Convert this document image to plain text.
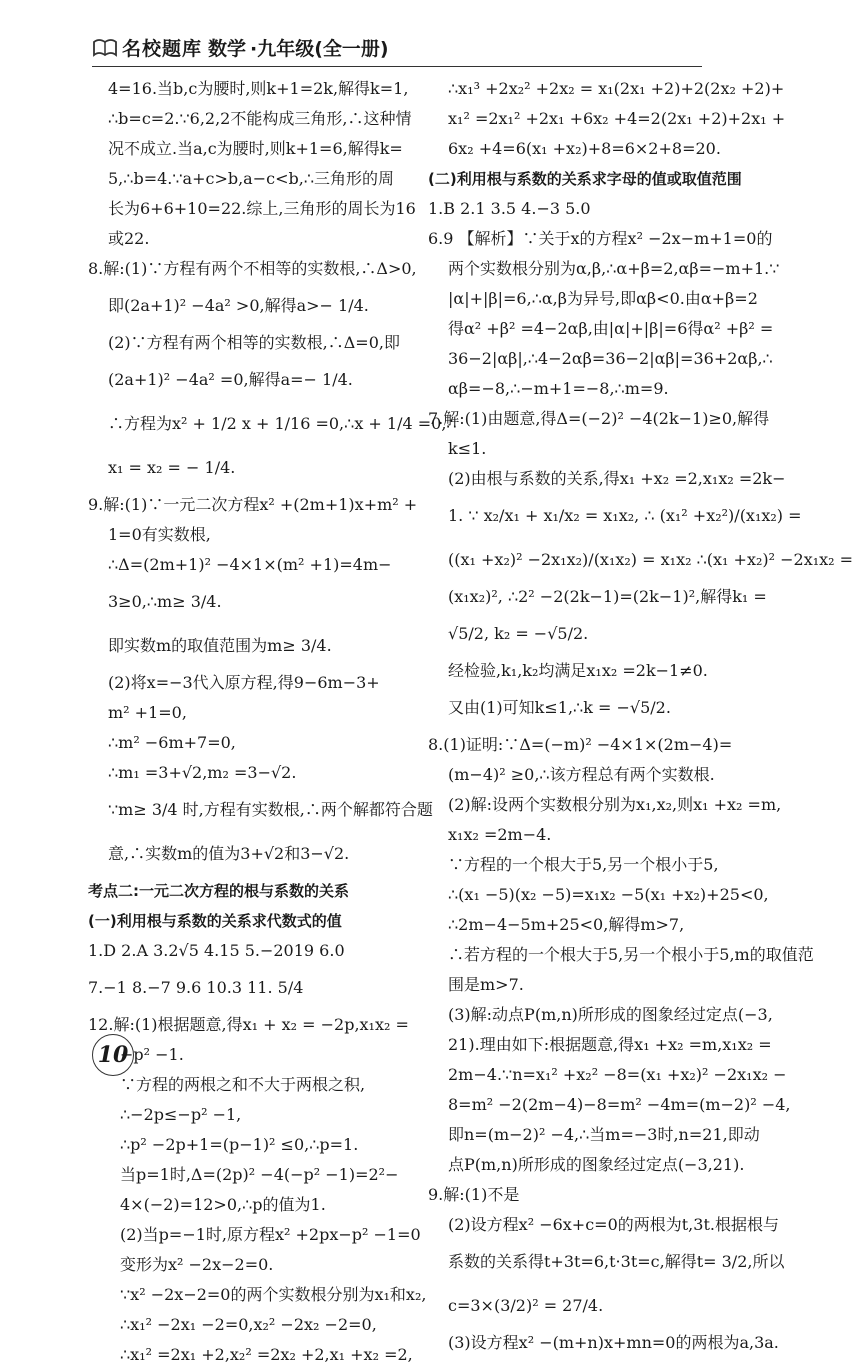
名校题库 数学 ·九年级(全一册)
4=16.当b,c为腰时,则k+1=2k,解得k=1,
∴b=c=2.∵6,2,2不能构成三角形,∴这种情
况不成立.当a,c为腰时,则k+1=6,解得k=
5,∴b=4.∵a+c>b,a−c<b,∴三角形的周
长为6+6+10=22.综上,三角形的周长为16
或22.
8.解:(1)∵方程有两个不相等的实数根,∴Δ>0,
即(2a+1)² −4a² >0,解得a>− 1/4.
(2)∵方程有两个相等的实数根,∴Δ=0,即
(2a+1)² −4a² =0,解得a=− 1/4.
∴方程为x² + 1/2 x + 1/16 =0,∴x + 1/4 =0,∴
x₁ = x₂ = − 1/4.
9.解:(1)∵一元二次方程x² +(2m+1)x+m² +
1=0有实数根,
∴Δ=(2m+1)² −4×1×(m² +1)=4m−
3≥0,∴m≥ 3/4.
即实数m的取值范围为m≥ 3/4.
(2)将x=−3代入原方程,得9−6m−3+
m² +1=0,
∴m² −6m+7=0,
∴m₁ =3+√2,m₂ =3−√2.
∵m≥ 3/4 时,方程有实数根,∴两个解都符合题
意,∴实数m的值为3+√2和3−√2.
考点二:一元二次方程的根与系数的关系
(一)利用根与系数的关系求代数式的值
1.D 2.A 3.2√5 4.15 5.−2019 6.0
7.−1 8.−7 9.6 10.3 11. 5/4
12.解:(1)根据题意,得x₁ + x₂ = −2p,x₁x₂ =
−p² −1.
∵方程的两根之和不大于两根之积,
∴−2p≤−p² −1,
∴p² −2p+1=(p−1)² ≤0,∴p=1.
当p=1时,Δ=(2p)² −4(−p² −1)=2²−
4×(−2)=12>0,∴p的值为1.
(2)当p=−1时,原方程x² +2px−p² −1=0
变形为x² −2x−2=0.
∵x² −2x−2=0的两个实数根分别为x₁和x₂,
∴x₁² −2x₁ −2=0,x₂² −2x₂ −2=0,
∴x₁² =2x₁ +2,x₂² =2x₂ +2,x₁ +x₂ =2,
∴x₁³ +2x₂² +2x₂ = x₁(2x₁ +2)+2(2x₂ +2)+
x₁² =2x₁² +2x₁ +6x₂ +4=2(2x₁ +2)+2x₁ +
6x₂ +4=6(x₁ +x₂)+8=6×2+8=20.
(二)利用根与系数的关系求字母的值或取值范围
1.B 2.1 3.5 4.−3 5.0
6.9 【解析】∵关于x的方程x² −2x−m+1=0的
两个实数根分别为α,β,∴α+β=2,αβ=−m+1.∵
|α|+|β|=6,∴α,β为异号,即αβ<0.由α+β=2
得α² +β² =4−2αβ,由|α|+|β|=6得α² +β² =
36−2|αβ|,∴4−2αβ=36−2|αβ|=36+2αβ,∴
αβ=−8,∴−m+1=−8,∴m=9.
7.解:(1)由题意,得Δ=(−2)² −4(2k−1)≥0,解得
k≤1.
(2)由根与系数的关系,得x₁ +x₂ =2,x₁x₂ =2k−
1. ∵ x₂/x₁ + x₁/x₂ = x₁x₂, ∴ (x₁² +x₂²)/(x₁x₂) =
((x₁ +x₂)² −2x₁x₂)/(x₁x₂) = x₁x₂ ∴(x₁ +x₂)² −2x₁x₂ =
(x₁x₂)², ∴2² −2(2k−1)=(2k−1)²,解得k₁ =
√5/2, k₂ = −√5/2.
经检验,k₁,k₂均满足x₁x₂ =2k−1≠0.
又由(1)可知k≤1,∴k = −√5/2.
8.(1)证明:∵Δ=(−m)² −4×1×(2m−4)=
(m−4)² ≥0,∴该方程总有两个实数根.
(2)解:设两个实数根分别为x₁,x₂,则x₁ +x₂ =m,
x₁x₂ =2m−4.
∵方程的一个根大于5,另一个根小于5,
∴(x₁ −5)(x₂ −5)=x₁x₂ −5(x₁ +x₂)+25<0,
∴2m−4−5m+25<0,解得m>7,
∴若方程的一个根大于5,另一个根小于5,m的取值范
围是m>7.
(3)解:动点P(m,n)所形成的图象经过定点(−3,
21).理由如下:根据题意,得x₁ +x₂ =m,x₁x₂ =
2m−4.∵n=x₁² +x₂² −8=(x₁ +x₂)² −2x₁x₂ −
8=m² −2(2m−4)−8=m² −4m=(m−2)² −4,
即n=(m−2)² −4,∴当m=−3时,n=21,即动
点P(m,n)所形成的图象经过定点(−3,21).
9.解:(1)不是
(2)设方程x² −6x+c=0的两根为t,3t.根据根与
系数的关系得t+3t=6,t·3t=c,解得t= 3/2,所以
c=3×(3/2)² = 27/4.
(3)设方程x² −(m+n)x+mn=0的两根为a,3a.
10
